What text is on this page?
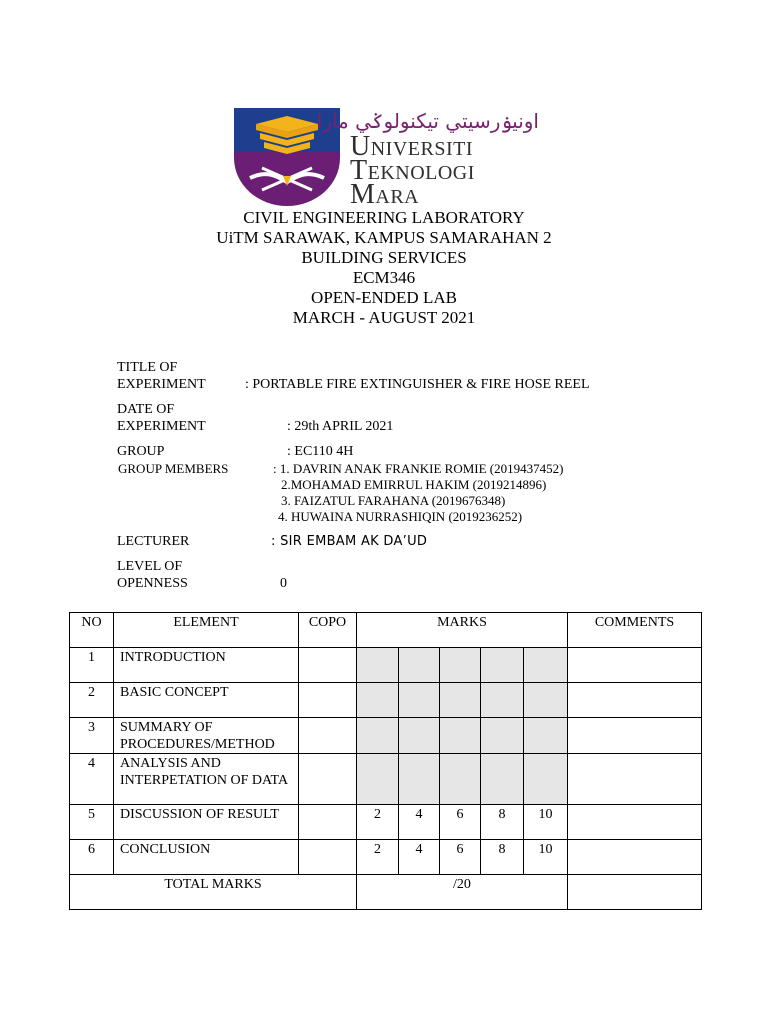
اونيۏرسيتي تيكنولوݢي مارا
Universiti
Teknologi
Mara
CIVIL ENGINEERING LABORATORY
UiTM SARAWAK, KAMPUS SAMARAHAN 2
BUILDING SERVICES
ECM346
OPEN-ENDED LAB
MARCH - AUGUST 2021
TITLE OF
EXPERIMENT	: PORTABLE FIRE EXTINGUISHER & FIRE HOSE REEL
DATE OF
EXPERIMENT	: 29th APRIL 2021
GROUP	: EC110 4H
GROUP MEMBERS	: 1. DAVRIN ANAK FRANKIE ROMIE (2019437452)
2.MOHAMAD EMIRRUL HAKIM (2019214896)
3. FAIZATUL FARAHANA (2019676348)
4. HUWAINA NURRASHIQIN (2019236252)
LECTURER	: SIR EMBAM AK DA’UD
LEVEL OF
OPENNESS	0
NO	ELEMENT	COPO	MARKS					COMMENTS
1	INTRODUCTION							
2	BASIC CONCEPT							
3	SUMMARY OF PROCEDURES/METHOD							
4	ANALYSIS AND INTERPETATION OF DATA							
5	DISCUSSION OF RESULT		2	4	6	8	10	
6	CONCLUSION		2	4	6	8	10	
TOTAL MARKS			/20					
